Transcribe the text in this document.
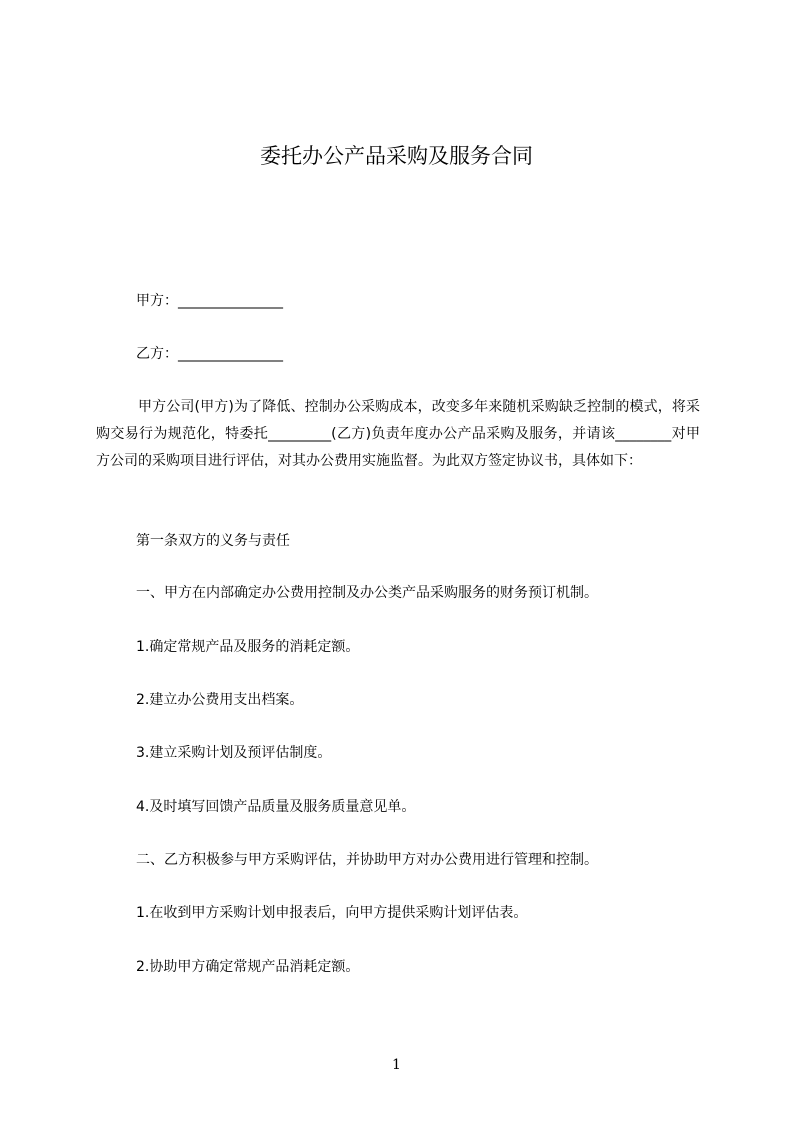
委托办公产品采购及服务合同

甲方：_______________

乙方：_______________

甲方公司(甲方)为了降低、控制办公采购成本，改变多年来随机采购缺乏控制的模式，将采购交易行为规范化，特委托_________(乙方)负责年度办公产品采购及服务，并请该________对甲方公司的采购项目进行评估，对其办公费用实施监督。为此双方签定协议书，具体如下：

第一条双方的义务与责任

一、甲方在内部确定办公费用控制及办公类产品采购服务的财务预订机制。

1.确定常规产品及服务的消耗定额。

2.建立办公费用支出档案。

3.建立采购计划及预评估制度。

4.及时填写回馈产品质量及服务质量意见单。

二、乙方积极参与甲方采购评估，并协助甲方对办公费用进行管理和控制。

1.在收到甲方采购计划申报表后，向甲方提供采购计划评估表。

2.协助甲方确定常规产品消耗定额。

1
